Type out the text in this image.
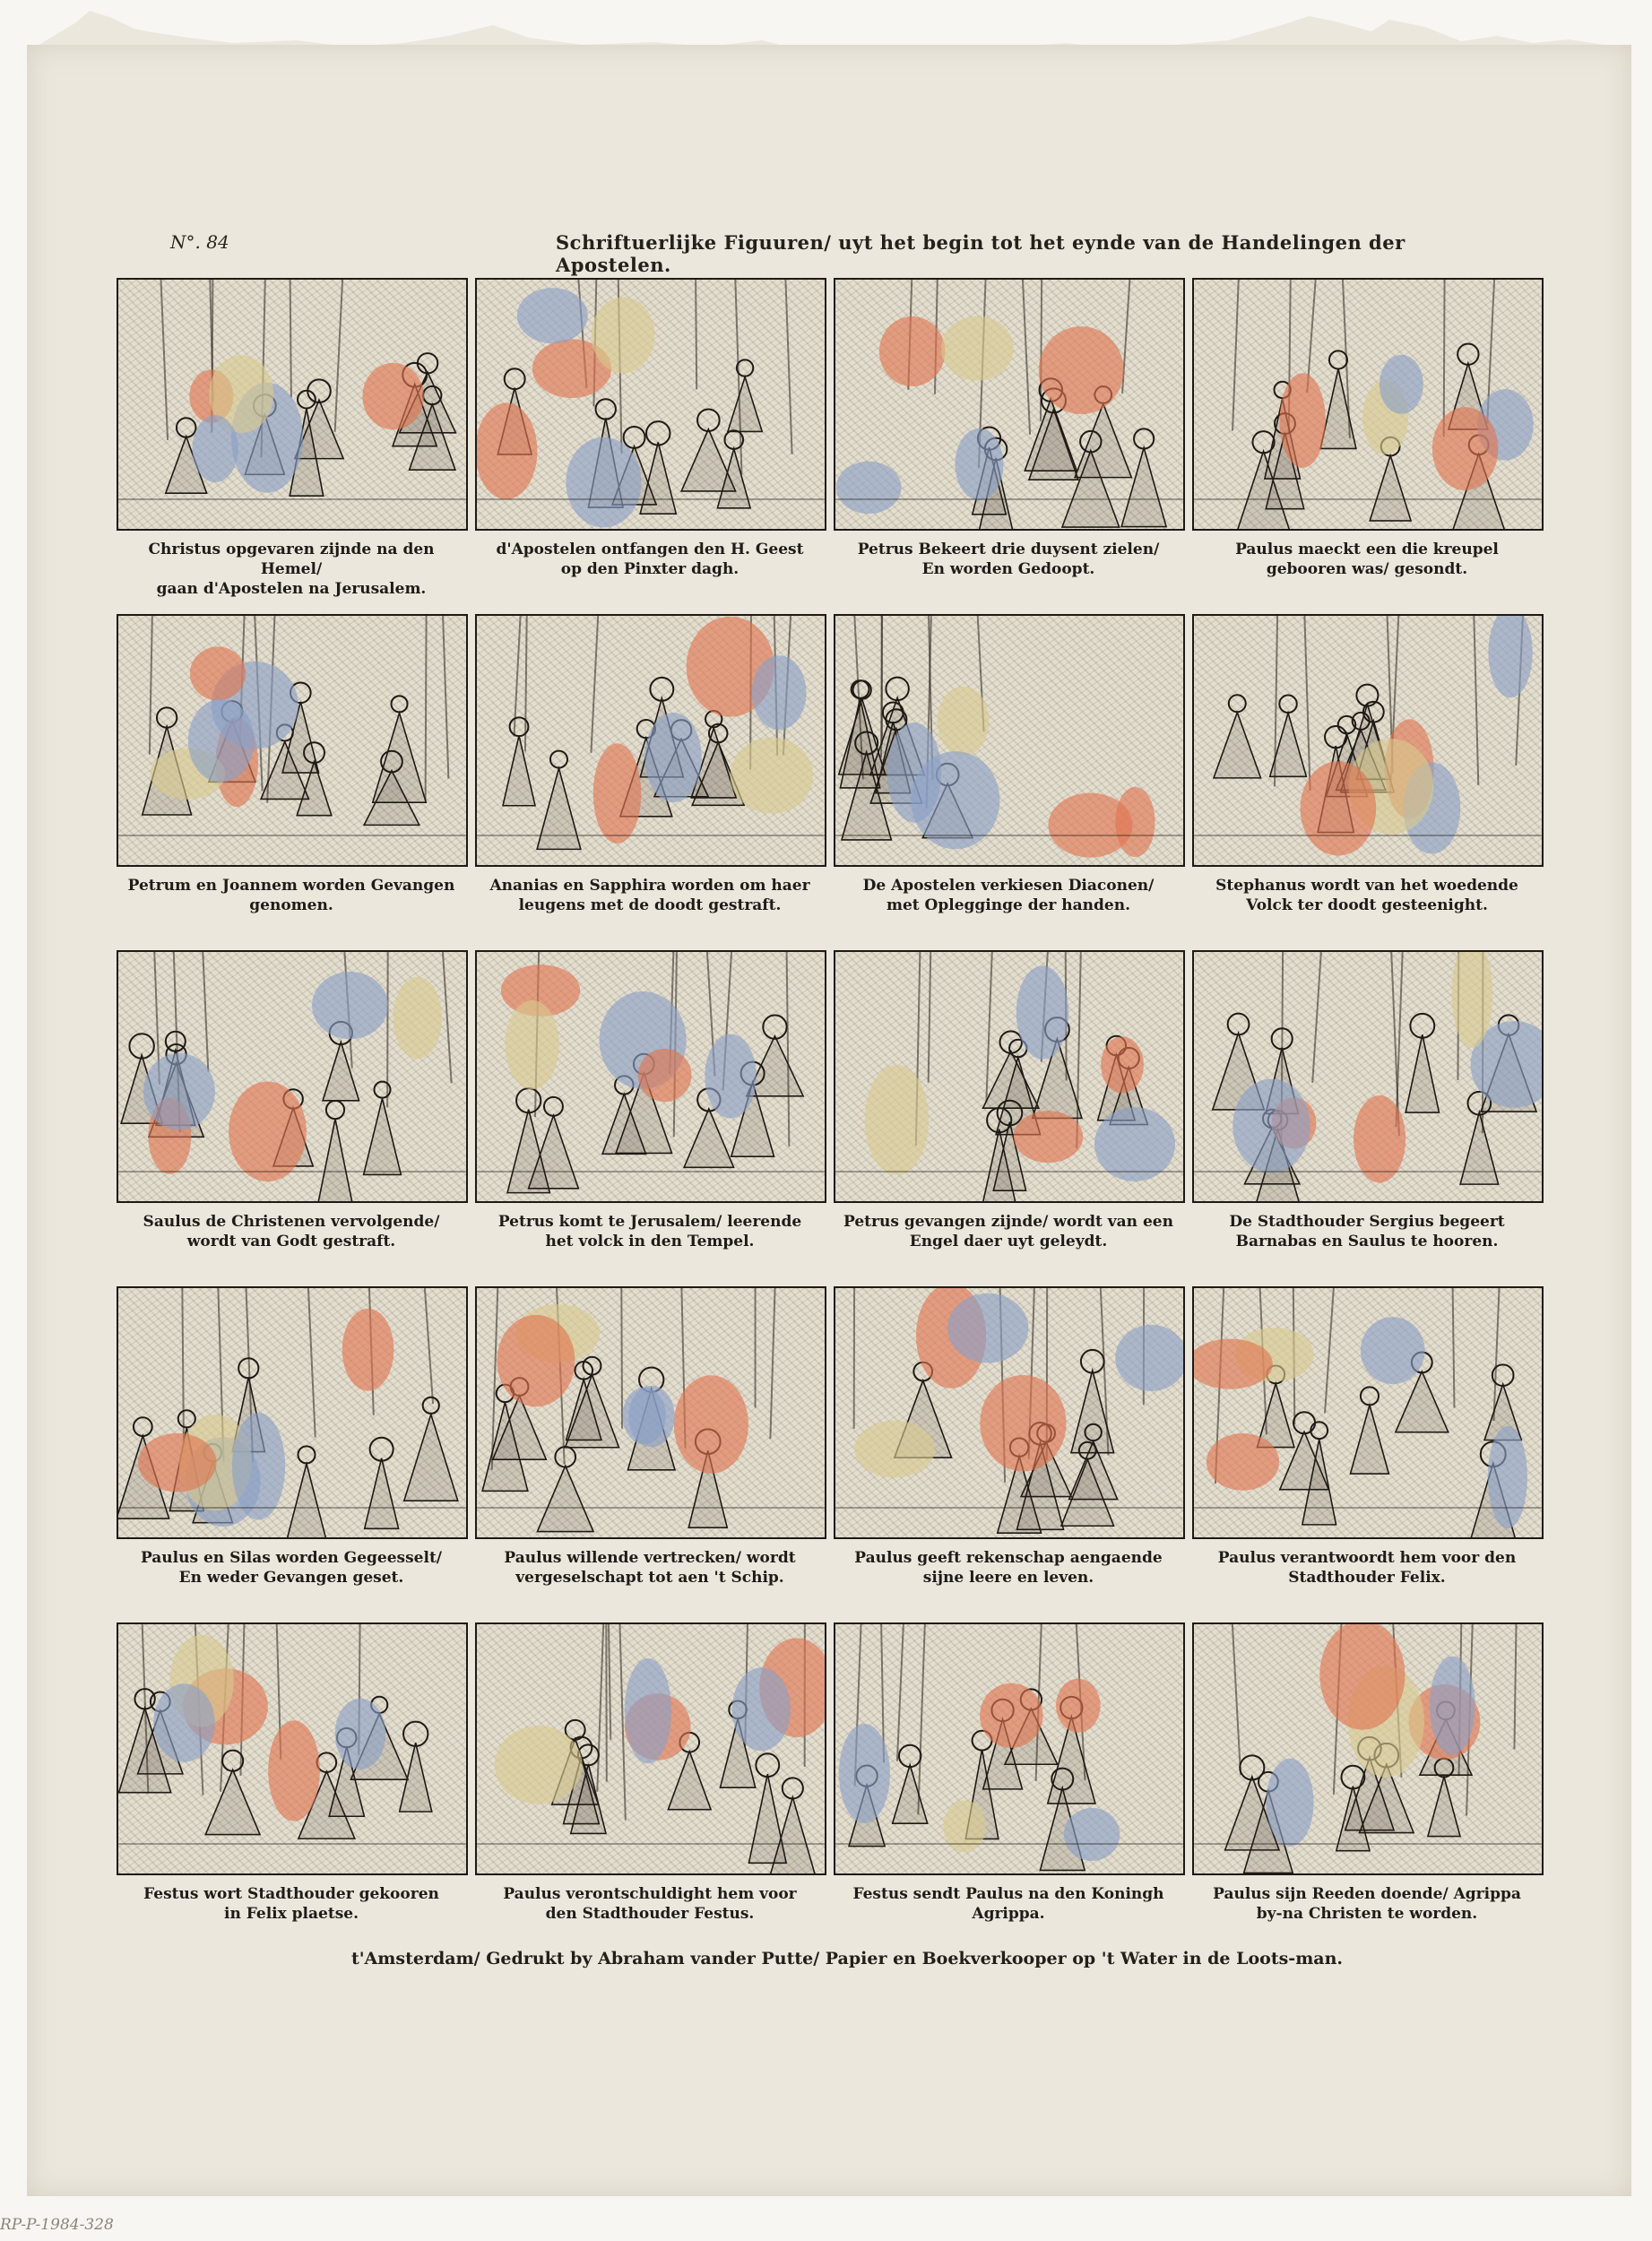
N°. 84	Schriftuerlijke Figuuren/ uyt het begin tot het eynde van de Handelingen der Apostelen.
Christus opgevaren zijnde na den Hemel/
gaan d'Apostelen na Jerusalem.
d'Apostelen ontfangen den H. Geest
op den Pinxter dagh.
Petrus Bekeert drie duysent zielen/
En worden Gedoopt.
Paulus maeckt een die kreupel
gebooren was/ gesondt.
Petrum en Joannem worden Gevangen
genomen.
Ananias en Sapphira worden om haer
leugens met de doodt gestraft.
De Apostelen verkiesen Diaconen/
met Oplegginge der handen.
Stephanus wordt van het woedende
Volck ter doodt gesteenight.
Saulus de Christenen vervolgende/
wordt van Godt gestraft.
Petrus komt te Jerusalem/ leerende
het volck in den Tempel.
Petrus gevangen zijnde/ wordt van een
Engel daer uyt geleydt.
De Stadthouder Sergius begeert
Barnabas en Saulus te hooren.
Paulus en Silas worden Gegeesselt/
En weder Gevangen geset.
Paulus willende vertrecken/ wordt
vergeselschapt tot aen 't Schip.
Paulus geeft rekenschap aengaende
sijne leere en leven.
Paulus verantwoordt hem voor den
Stadthouder Felix.
Festus wort Stadthouder gekooren
in Felix plaetse.
Paulus verontschuldight hem voor
den Stadthouder Festus.
Festus sendt Paulus na den Koningh
Agrippa.
Paulus sijn Reeden doende/ Agrippa
by-na Christen te worden.
t'Amsterdam/ Gedrukt by Abraham vander Putte/ Papier en Boekverkooper op 't Water in de Loots-man.
RP-P-1984-328
